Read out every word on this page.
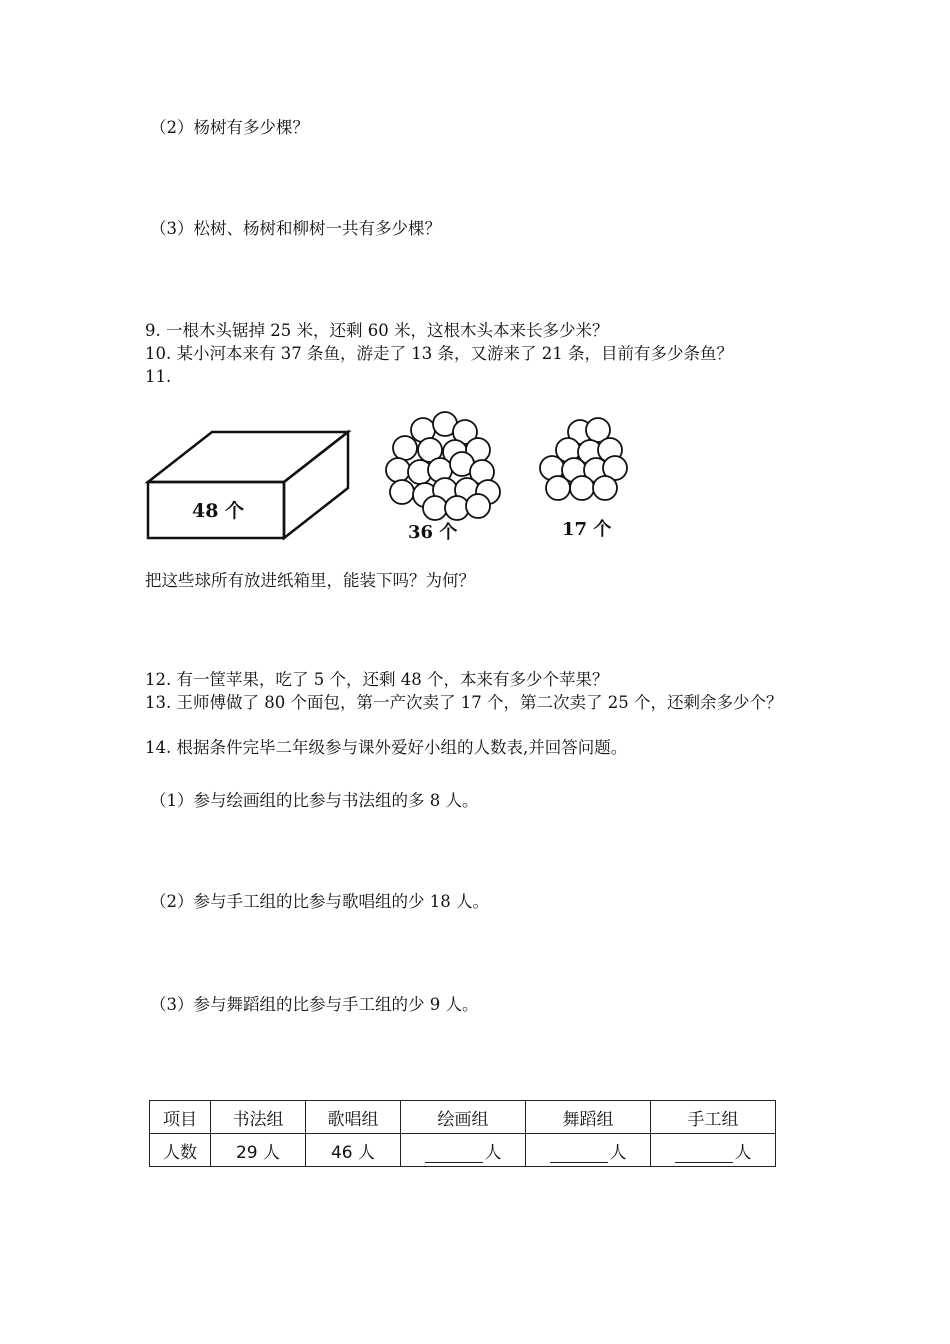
（2）杨树有多少棵？
（3）松树、杨树和柳树一共有多少棵？
9. 一根木头锯掉 25 米，还剩 60 米，这根木头本来长多少米？
10. 某小河本来有 37 条鱼，游走了 13 条，又游来了 21 条，目前有多少条鱼？
11.
48 个
36 个	17 个
把这些球所有放进纸箱里，能装下吗？为何？
12. 有一筐苹果，吃了 5 个，还剩 48 个，本来有多少个苹果？
13. 王师傅做了 80 个面包，第一产次卖了 17 个，第二次卖了 25 个，还剩余多少个？
14. 根据条件完毕二年级参与课外爱好小组的人数表,并回答问题。
（1）参与绘画组的比参与书法组的多 8 人。
（2）参与手工组的比参与歌唱组的少 18 人。
（3）参与舞蹈组的比参与手工组的少 9 人。
项目	书法组	歌唱组	绘画组	舞蹈组	手工组
人数	29 人	46 人	人	人	人
